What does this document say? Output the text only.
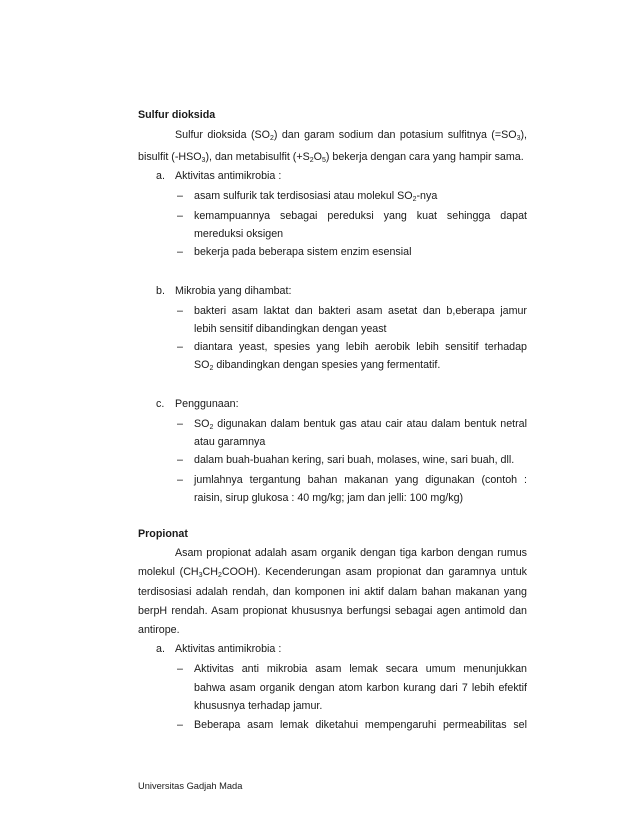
Sulfur dioksida
Sulfur dioksida $(SO_2)$ dan garam sodium dan potasium sulfitnya $(=SO_3)$,
bisulfit $(-HSO_3)$, dan metabisulfit $(+S_2O_5)$ bekerja dengan cara yang hampir sama.
a. Aktivitas antimikrobia :
– asam sulfurik tak terdisosiasi atau molekul $SO_2$-nya
– kemampuannya sebagai pereduksi yang kuat sehingga dapat
mereduksi oksigen
– bekerja pada beberapa sistem enzim esensial
b. Mikrobia yang dihambat:
– bakteri asam laktat dan bakteri asam asetat dan b,eberapa jamur
lebih sensitif dibandingkan dengan yeast
– diantara yeast, spesies yang lebih aerobik lebih sensitif terhadap
$SO_2$ dibandingkan dengan spesies yang fermentatif.
c. Penggunaan:
– $SO_2$ digunakan dalam bentuk gas atau cair atau dalam bentuk netral
atau garamnya
– dalam buah-buahan kering, sari buah, molases, wine, sari buah, dll.
– jumlahnya tergantung bahan makanan yang digunakan (contoh :
raisin, sirup glukosa : 40 mg/kg; jam dan jelli: 100 mg/kg)
Propionat
Asam propionat adalah asam organik dengan tiga karbon dengan rumus
molekul $(CH_3CH_2COOH)$. Kecenderungan asam propionat dan garamnya untuk
terdisosiasi adalah rendah, dan komponen ini aktif dalam bahan makanan yang
berpH rendah. Asam propionat khususnya berfungsi sebagai agen antimold dan
antirope.
a. Aktivitas antimikrobia :
– Aktivitas anti mikrobia asam lemak secara umum menunjukkan
bahwa asam organik dengan atom karbon kurang dari 7 lebih efektif
khususnya terhadap jamur.
– Beberapa asam lemak diketahui mempengaruhi permeabilitas sel
Universitas Gadjah Mada
